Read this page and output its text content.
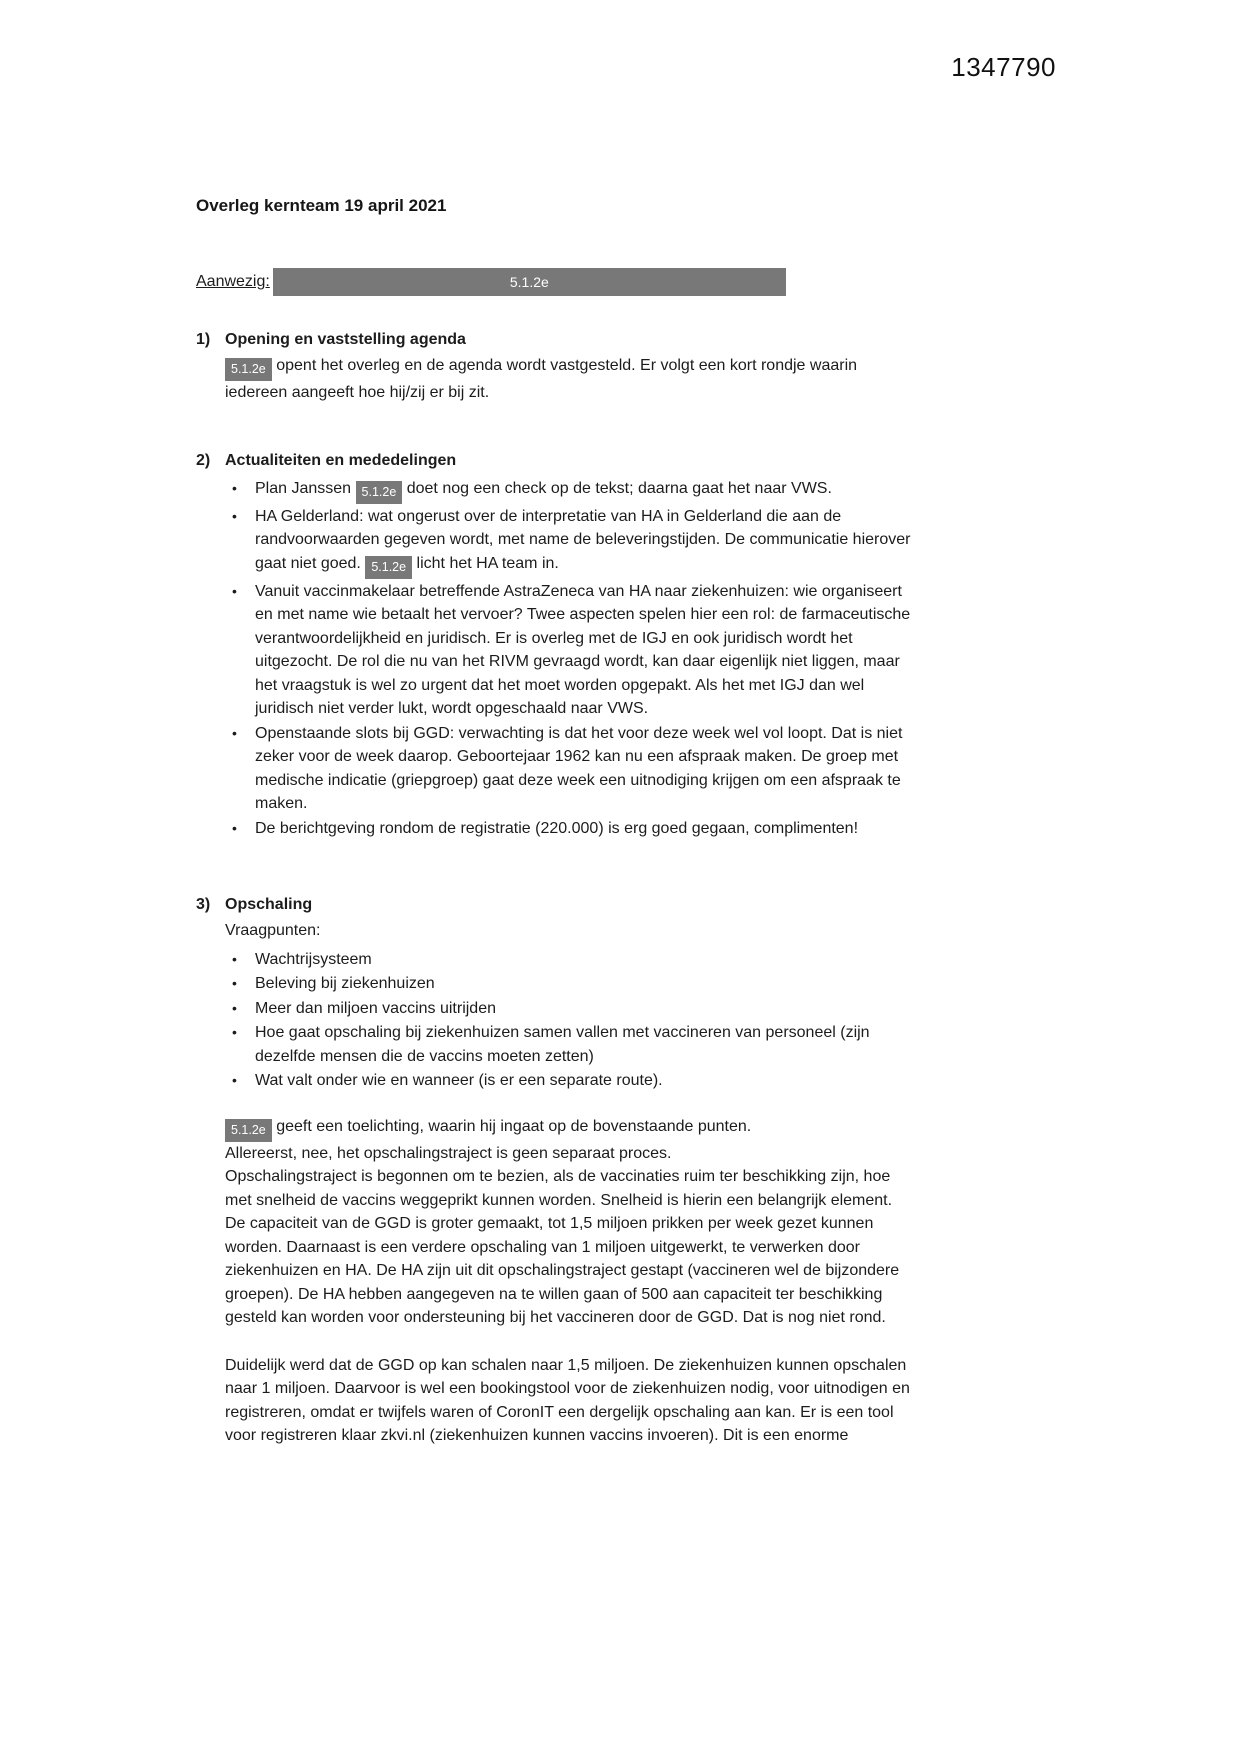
1347790
Overleg kernteam 19 april 2021
Aanwezig:	5.1.2e
1) Opening en vaststelling agenda

5.1.2e opent het overleg en de agenda wordt vastgesteld. Er volgt een kort rondje waarin iedereen aangeeft hoe hij/zij er bij zit.

2) Actualiteiten en mededelingen

•	Plan Janssen 5.1.2e doet nog een check op de tekst; daarna gaat het naar VWS.
•	HA Gelderland: wat ongerust over de interpretatie van HA in Gelderland die aan de randvoorwaarden gegeven wordt, met name de beleveringstijden. De communicatie hierover gaat niet goed. 5.1.2e licht het HA team in.
•	Vanuit vaccinmakelaar betreffende AstraZeneca van HA naar ziekenhuizen: wie organiseert en met name wie betaalt het vervoer? Twee aspecten spelen hier een rol: de farmaceutische verantwoordelijkheid en juridisch. Er is overleg met de IGJ en ook juridisch wordt het uitgezocht. De rol die nu van het RIVM gevraagd wordt, kan daar eigenlijk niet liggen, maar het vraagstuk is wel zo urgent dat het moet worden opgepakt. Als het met IGJ dan wel juridisch niet verder lukt, wordt opgeschaald naar VWS.
•	Openstaande slots bij GGD: verwachting is dat het voor deze week wel vol loopt. Dat is niet zeker voor de week daarop. Geboortejaar 1962 kan nu een afspraak maken. De groep met medische indicatie (griepgroep) gaat deze week een uitnodiging krijgen om een afspraak te maken.
•	De berichtgeving rondom de registratie (220.000) is erg goed gegaan, complimenten!
3) Opschaling

Vraagpunten:

•	Wachtrijsysteem
•	Beleving bij ziekenhuizen
•	Meer dan miljoen vaccins uitrijden
•	Hoe gaat opschaling bij ziekenhuizen samen vallen met vaccineren van personeel (zijn dezelfde mensen die de vaccins moeten zetten)
•	Wat valt onder wie en wanneer (is er een separate route).

5.1.2e geeft een toelichting, waarin hij ingaat op de bovenstaande punten.

Allereerst, nee, het opschalingstraject is geen separaat proces.

Opschalingstraject is begonnen om te bezien, als de vaccinaties ruim ter beschikking zijn, hoe met snelheid de vaccins weggeprikt kunnen worden. Snelheid is hierin een belangrijk element. De capaciteit van de GGD is groter gemaakt, tot 1,5 miljoen prikken per week gezet kunnen worden. Daarnaast is een verdere opschaling van 1 miljoen uitgewerkt, te verwerken door ziekenhuizen en HA. De HA zijn uit dit opschalingstraject gestapt (vaccineren wel de bijzondere groepen). De HA hebben aangegeven na te willen gaan of 500 aan capaciteit ter beschikking gesteld kan worden voor ondersteuning bij het vaccineren door de GGD. Dat is nog niet rond.

Duidelijk werd dat de GGD op kan schalen naar 1,5 miljoen. De ziekenhuizen kunnen opschalen naar 1 miljoen. Daarvoor is wel een bookingstool voor de ziekenhuizen nodig, voor uitnodigen en registreren, omdat er twijfels waren of CoronIT een dergelijk opschaling aan kan. Er is een tool voor registreren klaar zkvi.nl (ziekenhuizen kunnen vaccins invoeren). Dit is een enorme
